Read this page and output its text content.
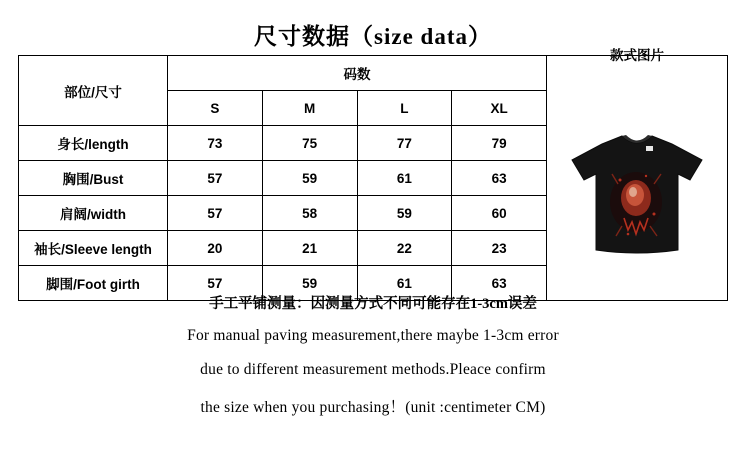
尺寸数据（size data）
部位/尺寸	码数				款式图片

	S	M	L	XL	
身长/length	73	75	77	79	
胸围/Bust	57	59	61	63	
肩阔/width	57	58	59	60	
袖长/Sleeve length	20	21	22	23	
脚围/Foot girth	57	59	61	63	
手工平铺测量：因测量方式不同可能存在1-3cm误差
For manual paving measurement,there maybe 1-3cm error
due to different measurement methods.Pleace confirm
the size when you purchasing！(unit :centimeter CM)
